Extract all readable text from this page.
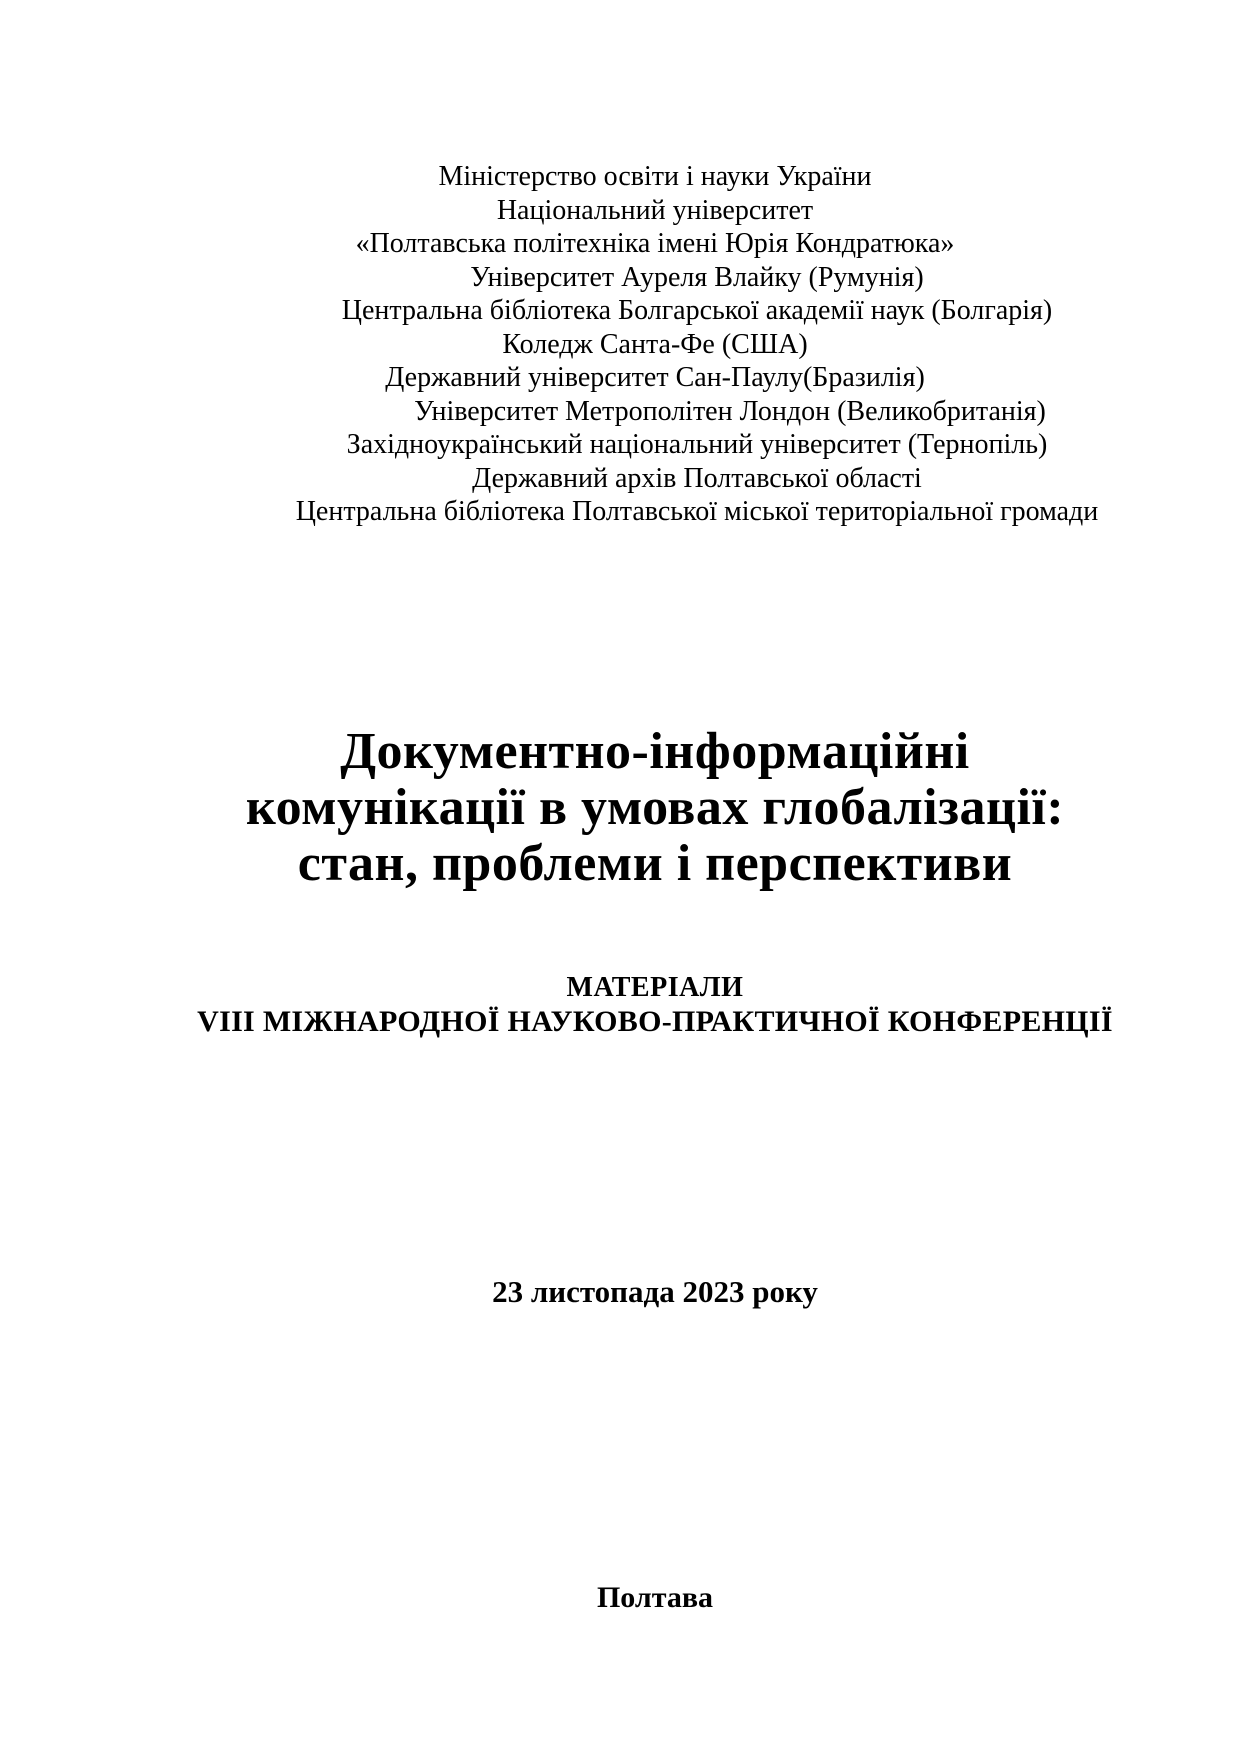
Міністерство освіти і науки України
Національний університет
«Полтавська політехніка імені Юрія Кондратюка»
Університет Ауреля Влайку (Румунія)
Центральна бібліотека Болгарської академії наук (Болгарія)
Коледж Санта-Фе (США)
Державний університет Сан-Паулу(Бразилія)
Університет Метрополітен Лондон (Великобританія)
Західноукраїнський національний університет (Тернопіль)
Державний архів Полтавської області
Центральна бібліотека Полтавської міської територіальної громади
Документно-інформаційні
комунікації в умовах глобалізації:
стан, проблеми і перспективи
МАТЕРІАЛИ
VIII МІЖНАРОДНОЇ НАУКОВО-ПРАКТИЧНОЇ КОНФЕРЕНЦІЇ
23 листопада 2023 року
Полтава
